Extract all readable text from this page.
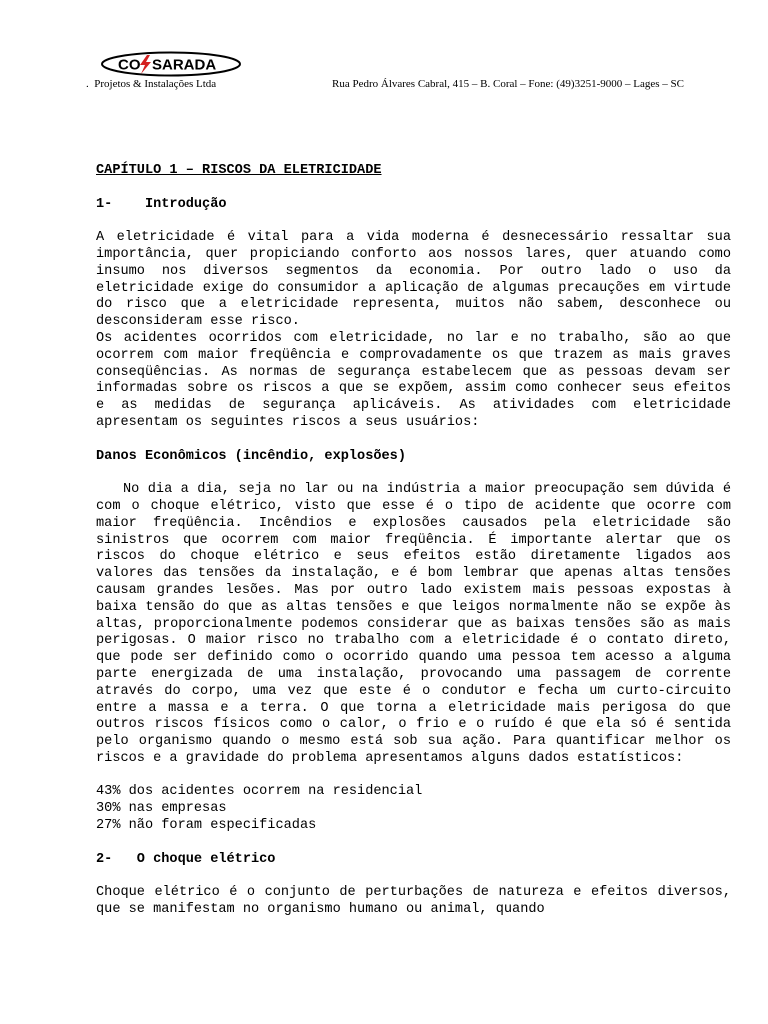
CO SARADA
.  Projetos & Instalações Ltda	Rua Pedro Álvares Cabral, 415 – B. Coral – Fone: (49)3251-9000 – Lages – SC

CAPÍTULO 1 – RISCOS DA ELETRICIDADE

1-    Introdução

A eletricidade é vital para a vida moderna é desnecessário ressaltar sua importância, quer propiciando conforto aos nossos lares, quer atuando como insumo nos diversos segmentos da economia. Por outro lado o uso da eletricidade exige do consumidor a aplicação de algumas precauções em virtude do risco que a eletricidade representa, muitos não sabem, desconhece ou desconsideram esse risco.

Os acidentes ocorridos com eletricidade, no lar e no trabalho, são ao que ocorrem com maior freqüência e comprovadamente os que trazem as mais graves conseqüências. As normas de segurança estabelecem que as pessoas devam ser informadas sobre os riscos a que se expõem, assim como conhecer seus efeitos e as medidas de segurança aplicáveis. As atividades com eletricidade apresentam os seguintes riscos a seus usuários:

Danos Econômicos (incêndio, explosões)

No dia a dia, seja no lar ou na indústria a maior preocupação sem dúvida é com o choque elétrico, visto que esse é o tipo de acidente que ocorre com maior freqüência. Incêndios e explosões causados pela eletricidade são sinistros que ocorrem com maior freqüência. É importante alertar que os riscos do choque elétrico e seus efeitos estão diretamente ligados aos valores das tensões da instalação, e é bom lembrar que apenas altas tensões causam grandes lesões. Mas por outro lado existem mais pessoas expostas à baixa tensão do que as altas tensões e que leigos normalmente não se expõe às altas, proporcionalmente podemos considerar que as baixas tensões são as mais perigosas. O maior risco no trabalho com a eletricidade é o contato direto, que pode ser definido como o ocorrido quando uma pessoa tem acesso a alguma parte energizada de uma instalação, provocando uma passagem de corrente através do corpo, uma vez que este é o condutor e fecha um curto-circuito entre a massa e a terra. O que torna a eletricidade mais perigosa do que outros riscos físicos como o calor, o frio e o ruído é que ela só é sentida pelo organismo quando o mesmo está sob sua ação. Para quantificar melhor os riscos e a gravidade do problema apresentamos alguns dados estatísticos:

43% dos acidentes ocorrem na residencial

30% nas empresas

27% não foram especificadas

2-   O choque elétrico

Choque elétrico é o conjunto de perturbações de natureza e efeitos diversos, que se manifestam no organismo humano ou animal, quando
